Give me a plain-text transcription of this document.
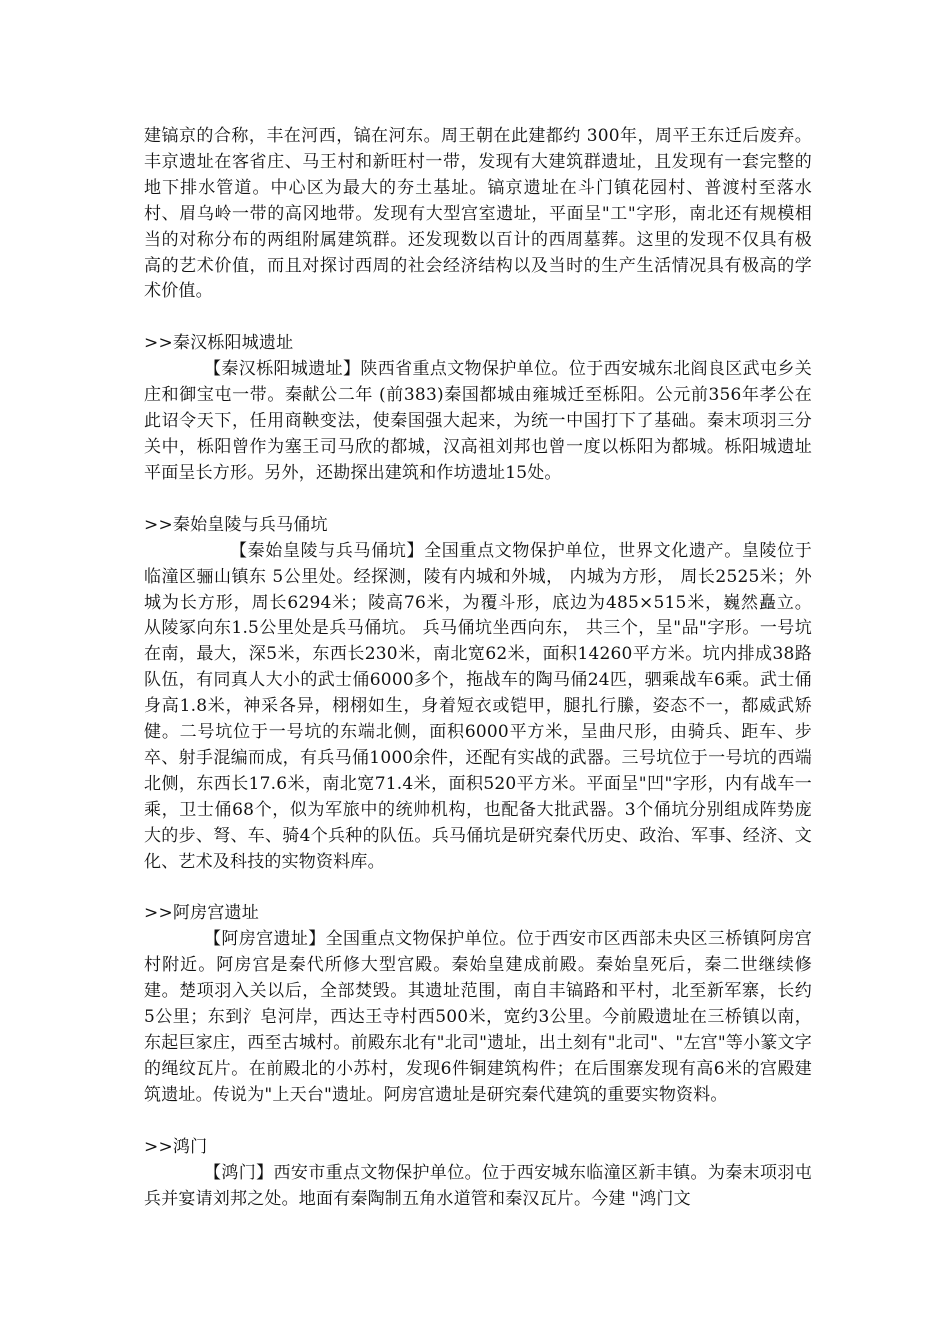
建镐京的合称，丰在河西，镐在河东。周王朝在此建都约 300年，周平王东迁后废弃。丰京遗址在客省庄、马王村和新旺村一带，发现有大建筑群遗址，且发现有一套完整的地下排水管道。中心区为最大的夯土基址。镐京遗址在斗门镇花园村、普渡村至落水村、眉乌岭一带的高冈地带。发现有大型宫室遗址，平面呈"工"字形，南北还有规模相当的对称分布的两组附属建筑群。还发现数以百计的西周墓葬。这里的发现不仅具有极高的艺术价值，而且对探讨西周的社会经济结构以及当时的生产生活情况具有极高的学术价值。

>>秦汉栎阳城遗址

【秦汉栎阳城遗址】陕西省重点文物保护单位。位于西安城东北阎良区武屯乡关庄和御宝屯一带。秦献公二年 (前383)秦国都城由雍城迁至栎阳。公元前356年孝公在此诏令天下，任用商鞅变法，使秦国强大起来，为统一中国打下了基础。秦末项羽三分关中，栎阳曾作为塞王司马欣的都城，汉高祖刘邦也曾一度以栎阳为都城。栎阳城遗址平面呈长方形。另外，还勘探出建筑和作坊遗址15处。

>>秦始皇陵与兵马俑坑

【秦始皇陵与兵马俑坑】全国重点文物保护单位，世界文化遗产。皇陵位于临潼区骊山镇东 5公里处。经探测，陵有内城和外城， 内城为方形， 周长2525米；外城为长方形，周长6294米；陵高76米，为覆斗形，底边为485×515米，巍然矗立。 从陵冢向东1.5公里处是兵马俑坑。 兵马俑坑坐西向东， 共三个，呈"品"字形。一号坑在南，最大，深5米，东西长230米，南北宽62米，面积14260平方米。坑内排成38路队伍，有同真人大小的武士俑6000多个，拖战车的陶马俑24匹，驷乘战车6乘。武士俑身高1.8米，神采各异，栩栩如生，身着短衣或铠甲，腿扎行縢，姿态不一，都威武矫健。二号坑位于一号坑的东端北侧，面积6000平方米，呈曲尺形，由骑兵、距车、步卒、射手混编而成，有兵马俑1000余件，还配有实战的武器。三号坑位于一号坑的西端北侧，东西长17.6米，南北宽71.4米，面积520平方米。平面呈"凹"字形，内有战车一乘，卫士俑68个，似为军旅中的统帅机构，也配备大批武器。3个俑坑分别组成阵势庞大的步、弩、车、骑4个兵种的队伍。兵马俑坑是研究秦代历史、政治、军事、经济、文化、艺术及科技的实物资料库。

>>阿房宫遗址

【阿房宫遗址】全国重点文物保护单位。位于西安市区西部未央区三桥镇阿房宫村附近。阿房宫是秦代所修大型宫殿。秦始皇建成前殿。秦始皇死后，秦二世继续修建。楚项羽入关以后，全部焚毁。其遗址范围，南自丰镐路和平村，北至新军寨，长约 5公里；东到氵皂河岸，西达王寺村西500米，宽约3公里。今前殿遗址在三桥镇以南，东起巨家庄，西至古城村。前殿东北有"北司"遗址，出土刻有"北司"、"左宫"等小篆文字的绳纹瓦片。在前殿北的小苏村，发现6件铜建筑构件；在后围寨发现有高6米的宫殿建筑遗址。传说为"上天台"遗址。阿房宫遗址是研究秦代建筑的重要实物资料。

>>鸿门

【鸿门】西安市重点文物保护单位。位于西安城东临潼区新丰镇。为秦末项羽屯兵并宴请刘邦之处。地面有秦陶制五角水道管和秦汉瓦片。今建 "鸿门文
